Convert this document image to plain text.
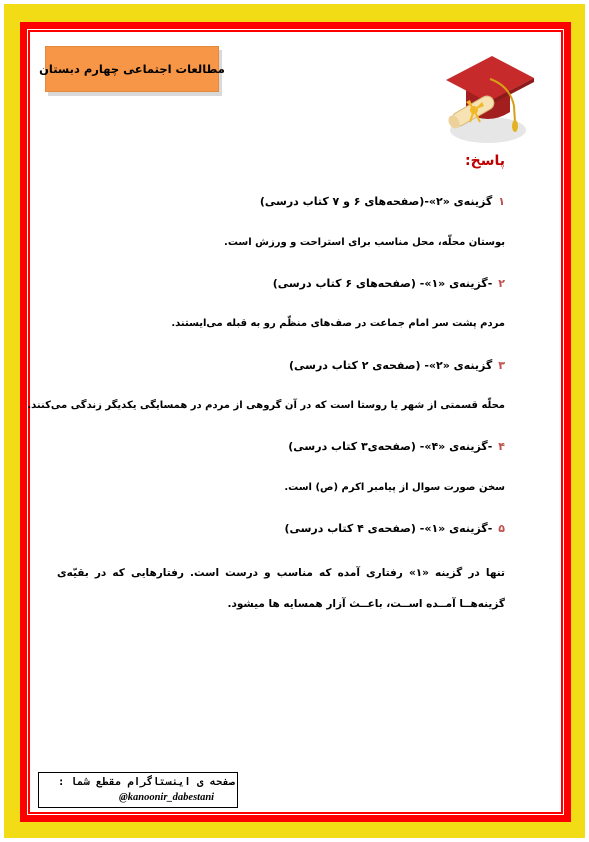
مطالعات اجتماعی چهارم دبستان
پاسخ:
۱گزینه‌ی «۲»-(صفحه‌های ۶ و ۷ کتاب درسی)
بوستان محلّه، محل مناسب برای استراحت و ورزش است.
۲-گزینه‌ی «۱»- (صفحه‌های ۶ کتاب درسی)
مردم پشت سر امام جماعت در صف‌های منظّم رو به قبله می‌ایستند.
۳گزینه‌ی «۲»- (صفحه‌ی ۲ کتاب درسی)
محلّه قسمتی از شهر یا روستا است که در آن گروهی از مردم در همسایگی یکدیگر زندگی می‌کنند.
۴-گزینه‌ی «۴»- (صفحه‌ی۳ کتاب درسی)
سخن صورت سوال از پیامبر اکرم (ص) است.
۵-گزینه‌ی «۱»- (صفحه‌ی ۴ کتاب درسی)
تنها در گزینه «۱» رفتاری آمده که مناسب و درست است. رفتارهایی که در بقیّه‌ی گزینه‌هــا آمــده اســت، باعــث آزار همسایه ها میشود.
صفحه ی اینستاگرام مقطع شما :
@kanoonir_dabestani
